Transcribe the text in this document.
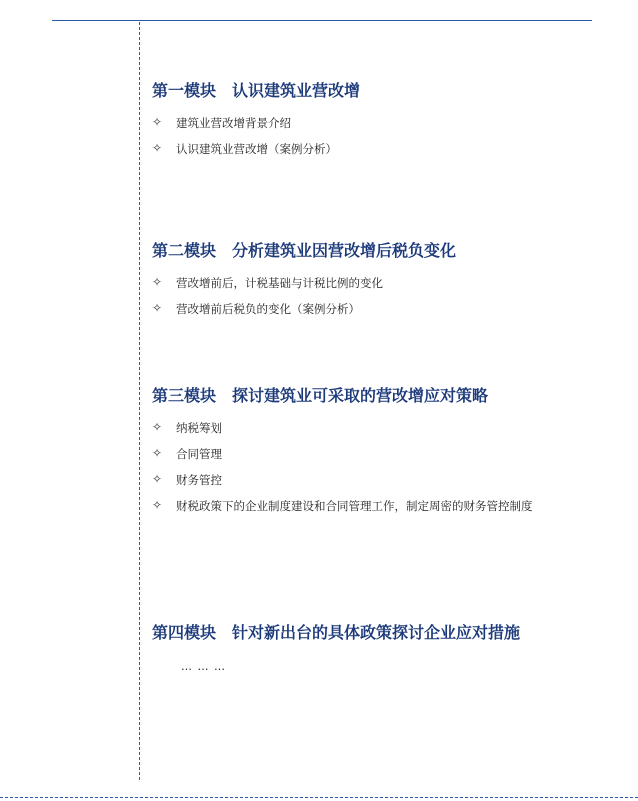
第一模块 认识建筑业营改增
✧ 建筑业营改增背景介绍
✧ 认识建筑业营改增（案例分析）
第二模块 分析建筑业因营改增后税负变化
✧ 营改增前后，计税基础与计税比例的变化
✧ 营改增前后税负的变化（案例分析）
第三模块 探讨建筑业可采取的营改增应对策略
✧ 纳税筹划
✧ 合同管理
✧ 财务管控
✧ 财税政策下的企业制度建设和合同管理工作，制定周密的财务管控制度
第四模块 针对新出台的具体政策探讨企业应对措施
… … …
